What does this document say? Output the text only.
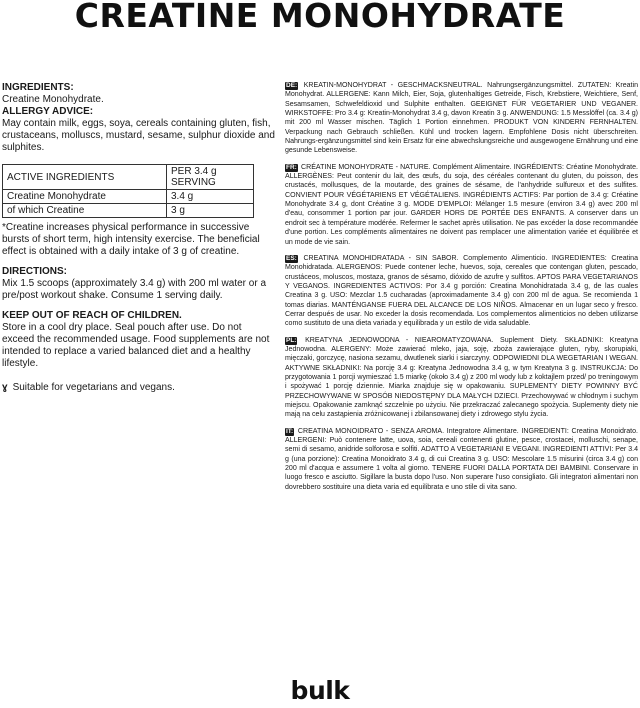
CREATINE MONOHYDRATE

INGREDIENTS:

Creatine Monohydrate.

ALLERGY ADVICE:

May contain milk, eggs, soya, cereals containing gluten, fish, crustaceans, molluscs, mustard, sesame, sulphur dioxide and sulphites.

ACTIVE INGREDIENTS	PER 3.4 g SERVING
Creatine Monohydrate	3.4 g
of which Creatine	3 g

*Creatine increases physical performance in successive bursts of short term, high intensity exercise. The beneficial effect is obtained with a daily intake of 3 g of creatine.

DIRECTIONS:

Mix 1.5 scoops (approximately 3.4 g) with 200 ml water or a pre/post workout shake. Consume 1 serving daily.

KEEP OUT OF REACH OF CHILDREN.

Store in a cool dry place. Seal pouch after use. Do not exceed the recommended usage. Food supplements are not intended to replace a varied balanced diet and a healthy lifestyle.

ɣ Suitable for vegetarians and vegans.
DE: KREATIN-MONOHYDRAT - GESCHMACKSNEUTRAL. Nahrungsergänzungsmittel. ZUTATEN: Kreatin Monohydrat. ALLERGENE: Kann Milch, Eier, Soja, glutenhaltiges Getreide, Fisch, Krebstiere, Weichtiere, Senf, Sesamsamen, Schwefeldioxid und Sulphite enthalten. GEEIGNET FÜR VEGETARIER UND VEGANER. WIRKSTOFFE: Pro 3.4 g: Kreatin-Monohydrat 3.4 g, davon Kreatin 3 g. ANWENDUNG: 1.5 Messlöffel (ca. 3.4 g) mit 200 ml Wasser mischen. Täglich 1 Portion einnehmen. PRODUKT VON KINDERN FERNHALTEN. Verpackung nach Gebrauch schließen. Kühl und trocken lagern. Empfohlene Dosis nicht überschreiten. Nahrungs-ergänzungsmittel sind kein Ersatz für eine abwechslungsreiche und ausgewogene Ernährung und eine gesunde Lebensweise.
FR: CRÉATINE MONOHYDRATE - NATURE. Complément Alimentaire. INGRÉDIENTS: Créatine Monohydrate. ALLERGÈNES: Peut contenir du lait, des œufs, du soja, des céréales contenant du gluten, du poisson, des crustacés, mollusques, de la moutarde, des graines de sésame, de l'anhydride sulfureux et des sulfites. CONVIENT POUR VÉGÉTARIENS ET VÉGÉTALIENS. INGRÉDIENTS ACTIFS: Par portion de 3.4 g: Créatine Monohydrate 3.4 g, dont Créatine 3 g. MODE D'EMPLOI: Mélanger 1.5 mesure (environ 3.4 g) avec 200 ml d'eau, consommer 1 portion par jour. GARDER HORS DE PORTÉE DES ENFANTS. A conserver dans un endroit sec à température modérée. Refermer le sachet après utilisation. Ne pas excéder la dose recommandée d'une portion. Les compléments alimentaires ne doivent pas remplacer une alimentation variée et équilibrée et un mode de vie sain.
ES: CREATINA MONOHIDRATADA - SIN SABOR. Complemento Alimenticio. INGREDIENTES: Creatina Monohidratada. ALERGENOS: Puede contener leche, huevos, soja, cereales que contengan gluten, pescado, crustáceos, moluscos, mostaza, granos de sésamo, dióxido de azufre y sulfitos. APTOS PARA VEGETARIANOS Y VEGANOS. INGREDIENTES ACTIVOS: Por 3.4 g porción: Creatina Monohidratada 3.4 g, de las cuales Creatina 3 g. USO: Mezclar 1.5 cucharadas (aproximadamente 3.4 g) con 200 ml de agua. Se recomienda 1 tomas diarias. MANTÉNGANSE FUERA DEL ALCANCE DE LOS NIÑOS. Almacenar en un lugar seco y fresco. Cerrar después de usar. No exceder la dosis recomendada. Los complementos alimenticios no deben utilizarse como sustituto de una dieta variada y equilibrada y un estilo de vida saludable.
PL: KREATYNA JEDNOWODNA - NIEAROMATYZOWANA. Suplement Diety. SKŁADNIKI: Kreatyna Jednowodna. ALERGENY: Może zawierać mleko, jaja, soję, zboża zawierające gluten, ryby, skorupiaki, mięczaki, gorczycę, nasiona sezamu, dwutlenek siarki i siarczyny. ODPOWIEDNI DLA WEGETARIAN I WEGAN. AKTYWNE SKŁADNIKI: Na porcję 3.4 g: Kreatyna Jednowodna 3.4 g, w tym Kreatyna 3 g. INSTRUKCJA: Do przygotowania 1 porcji wymieszać 1.5 miarkę (około 3.4 g) z 200 ml wody lub z koktajlem przed/ po treningowym i spożywać 1 porcję dziennie. Miarka znajduje się w opakowaniu. SUPLEMENTY DIETY POWINNY BYĆ PRZECHOWYWANE W SPOSÓB NIEDOSTĘPNY DLA MAŁYCH DZIECI. Przechowywać w chłodnym i suchym miejscu. Opakowanie zamknąć szczelnie po użyciu. Nie przekraczać zalecanego spożycia. Suplementy diety nie mają na celu zastąpienia zróżnicowanej i zbilansowanej diety i zdrowego stylu życia.
IT: CREATINA MONOIDRATO - SENZA AROMA. Integratore Alimentare. INGREDIENTI: Creatina Monoidrato. ALLERGENI: Può contenere latte, uova, soia, cereali contenenti glutine, pesce, crostacei, molluschi, senape, semi di sesamo, anidride solforosa e solfiti. ADATTO A VEGETARIANI E VEGANI. INGREDIENTI ATTIVI: Per 3.4 g (una porzione): Creatina Monoidrato 3.4 g, di cui Creatina 3 g. USO: Mescolare 1.5 misurini (circa 3.4 g) con 200 ml d'acqua e assumere 1 volta al giorno. TENERE FUORI DALLA PORTATA DEI BAMBINI. Conservare in luogo fresco e asciutto. Sigillare la busta dopo l'uso. Non superare l'uso consigliato. Gli integratori alimentari non dovrebbero sostituire una dieta varia ed equilibrata e uno stile di vita sano.
bulk
